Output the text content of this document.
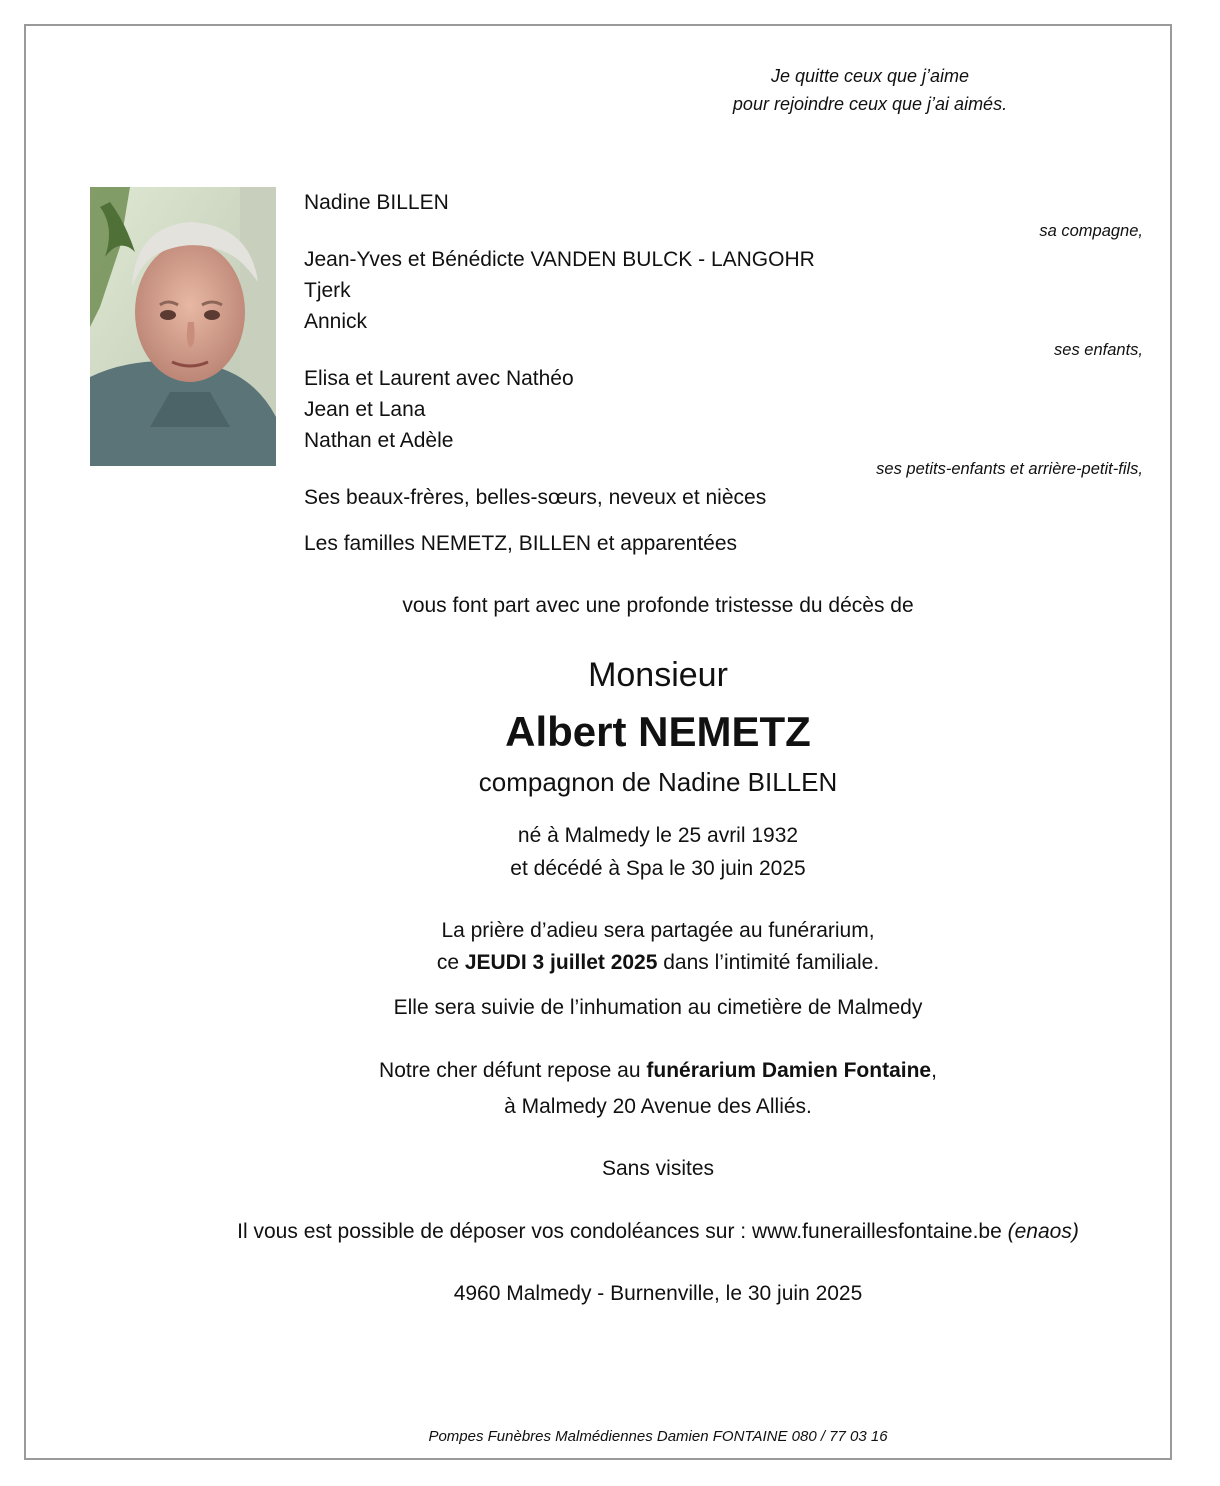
Je quitte ceux que j’aime
pour rejoindre ceux que j’ai aimés.
Nadine BILLEN
sa compagne,
Jean-Yves et Bénédicte VANDEN BULCK - LANGOHR
Tjerk
Annick
ses enfants,
Elisa et Laurent avec Nathéo
Jean et Lana
Nathan et Adèle
ses petits-enfants et arrière-petit-fils,
Ses beaux-frères, belles-sœurs, neveux et nièces
Les familles NEMETZ, BILLEN et apparentées
vous font part avec une profonde tristesse du décès de
Monsieur
Albert NEMETZ
compagnon de Nadine BILLEN
né à Malmedy le 25 avril 1932
et décédé à Spa le 30 juin 2025
La prière d’adieu sera partagée au funérarium,
ce JEUDI 3 juillet 2025 dans l’intimité familiale.
Elle sera suivie de l’inhumation au cimetière de Malmedy
Notre cher défunt repose au funérarium Damien Fontaine,
à Malmedy 20 Avenue des Alliés.
Sans visites
Il vous est possible de déposer vos condoléances sur : www.funeraillesfontaine.be (enaos)
4960 Malmedy - Burnenville, le 30 juin 2025
Pompes Funèbres Malmédiennes Damien FONTAINE 080 / 77 03 16
